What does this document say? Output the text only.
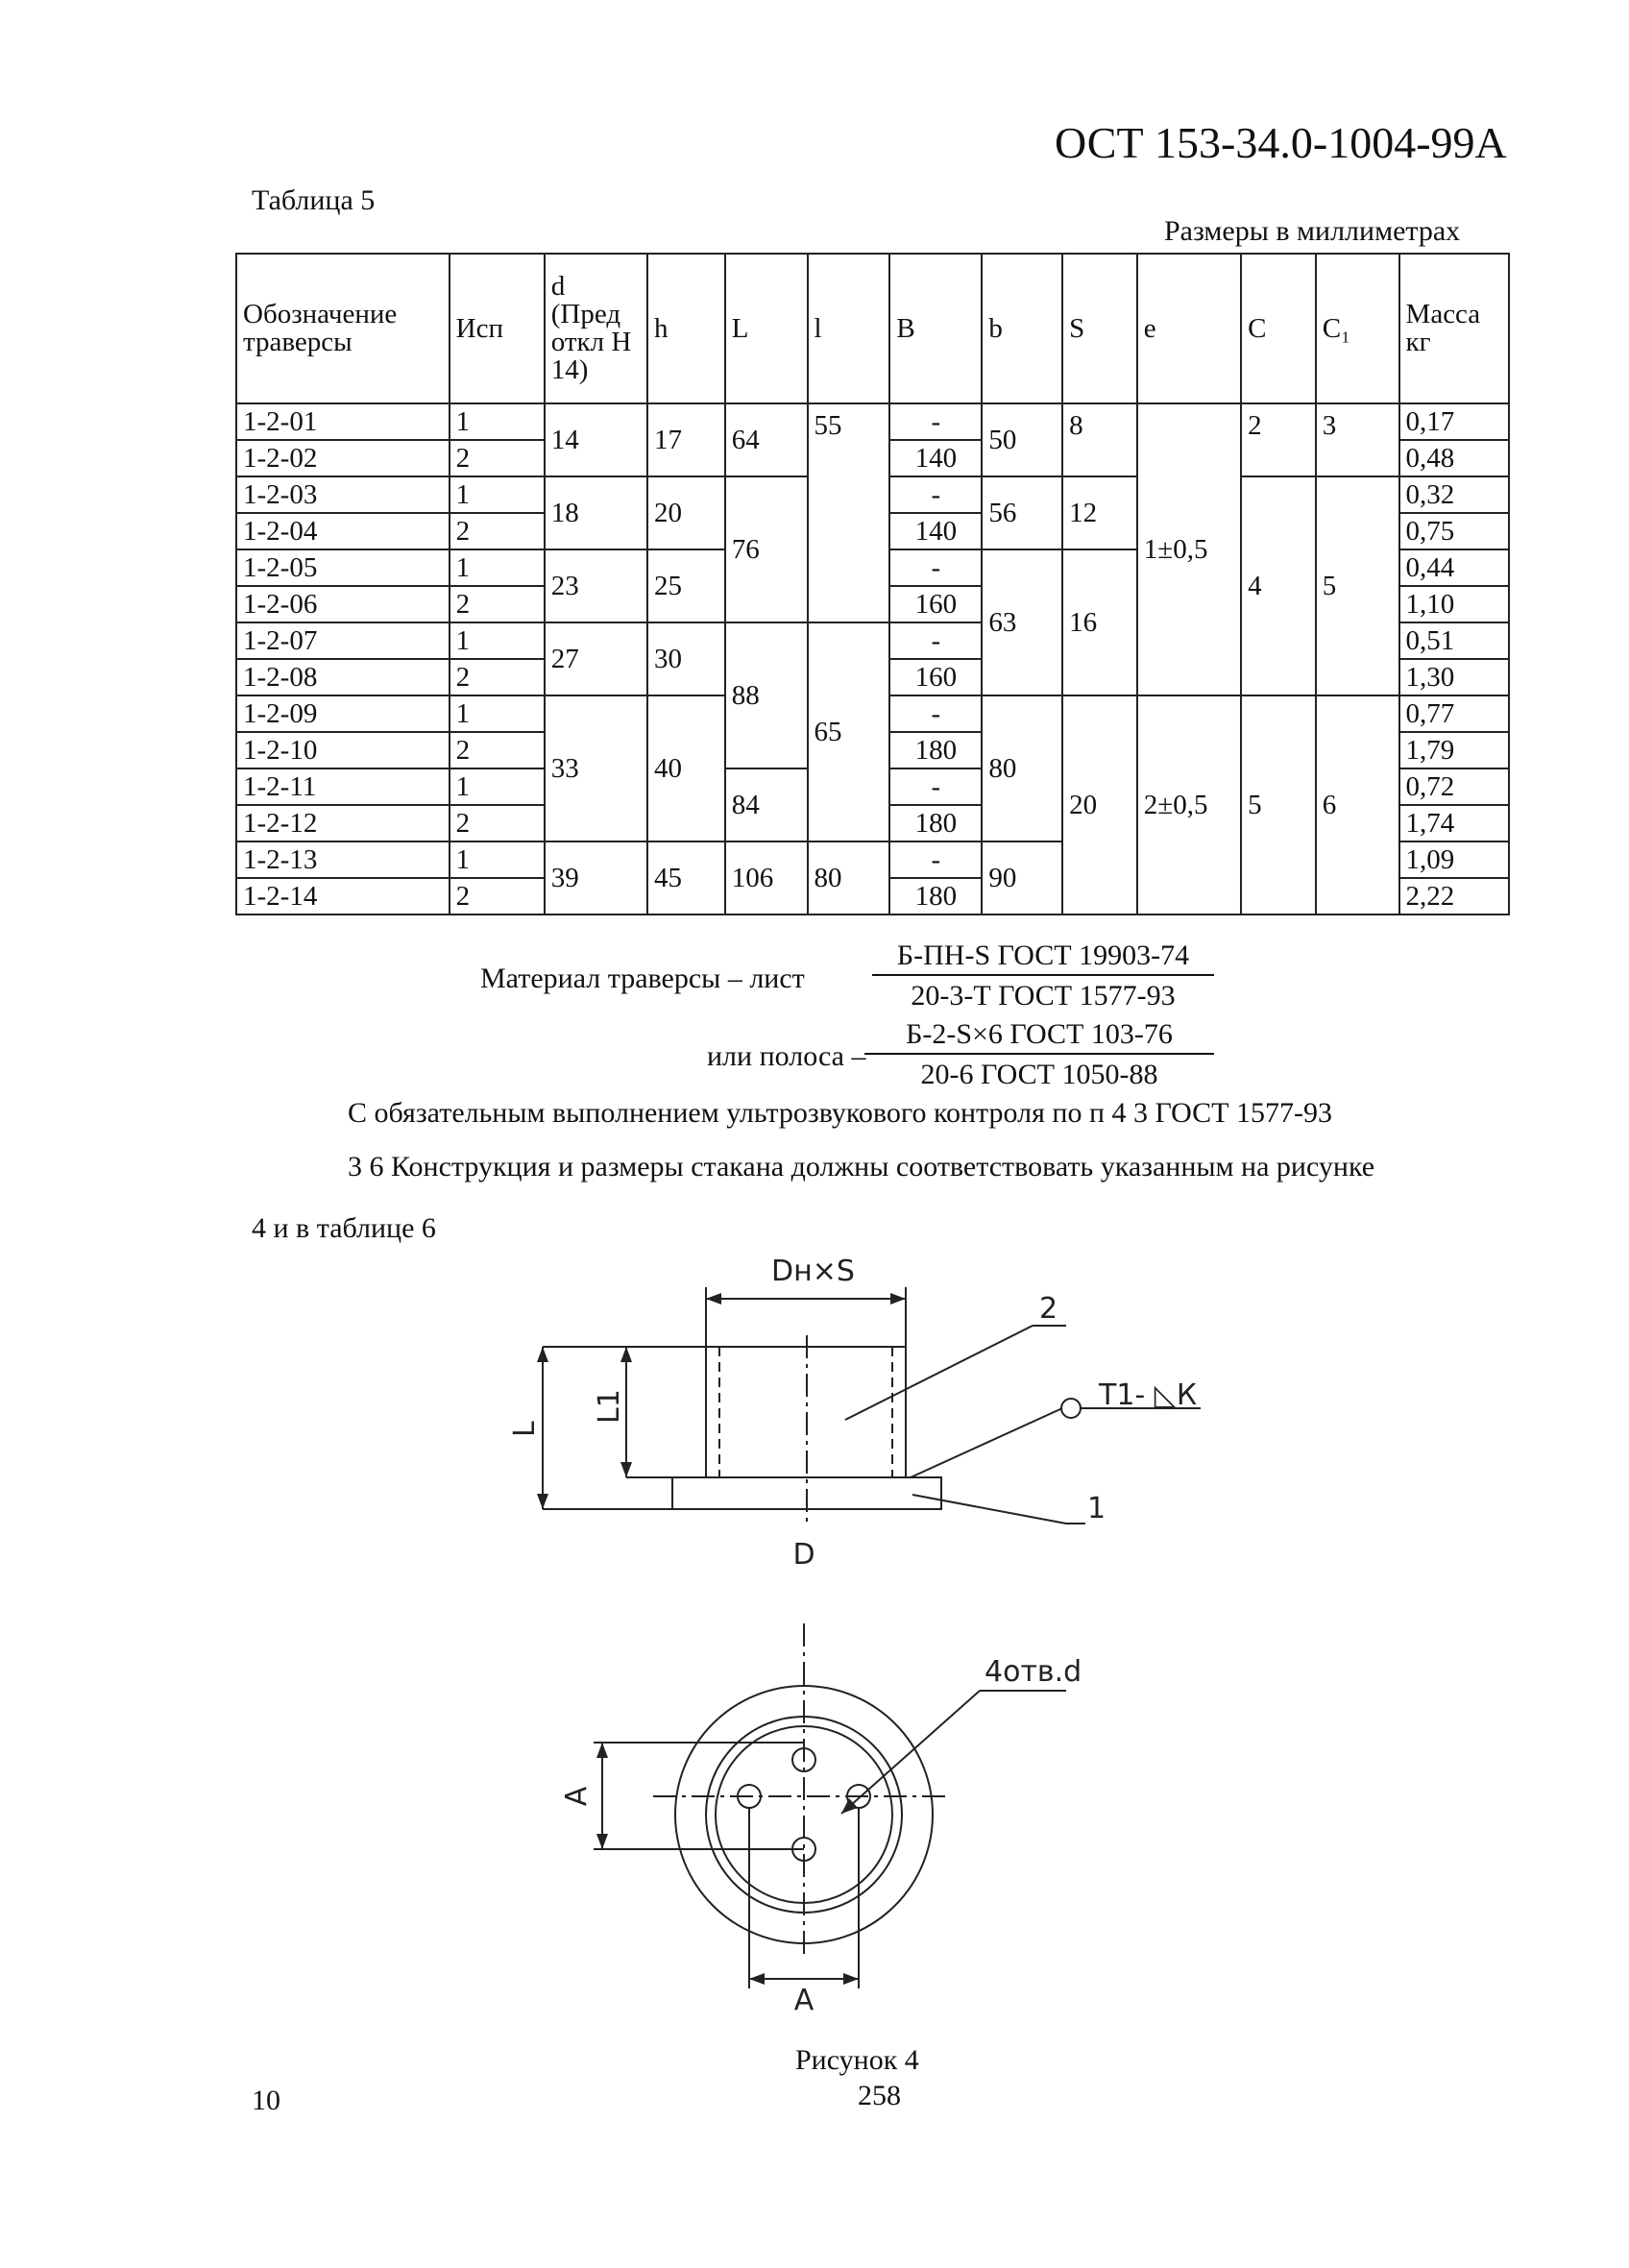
ОСТ 153-34.0-1004-99А
Таблица 5
Размеры в миллиметрах
Обозначение траверсы	Исп	d (Пред откл Н 14)	h	L	l	B	b	S	e	C	C₁	Масса кг
1-2-01	1	14	17	64	55	-	50	8	1±0,5	2	3	0,17
1-2-02	2					140						0,48
1-2-03	1	18	20	76		-	56	12		4	5	0,32
1-2-04	2					140						0,75
1-2-05	1	23	25			-	63	16				0,44
1-2-06	2					160						1,10
1-2-07	1	27	30	88	65	-						0,51
1-2-08	2					160						1,30
1-2-09	1	33	40			-	80	20	2±0,5	5	6	0,77
1-2-10	2					180						1,79
1-2-11	1			84		-						0,72
1-2-12	2					180						1,74
1-2-13	1	39	45	106	80	-	90					1,09
1-2-14	2					180						2,22
Материал траверсы – лист
Б-ПН-S ГОСТ 19903-74
20-3-Т ГОСТ 1577-93
или полоса –
Б-2-S×6 ГОСТ 103-76
20-6 ГОСТ 1050-88
С обязательным выполнением ультрозвукового контроля по п 4 3 ГОСТ 1577-93
3 6 Конструкция и размеры стакана должны соответствовать указанным на рисунке
4 и в таблице 6
Dн×S
L
L1
2
Т1- ◺К
1
D
4отв.d
A
A
Рисунок 4
10	258
